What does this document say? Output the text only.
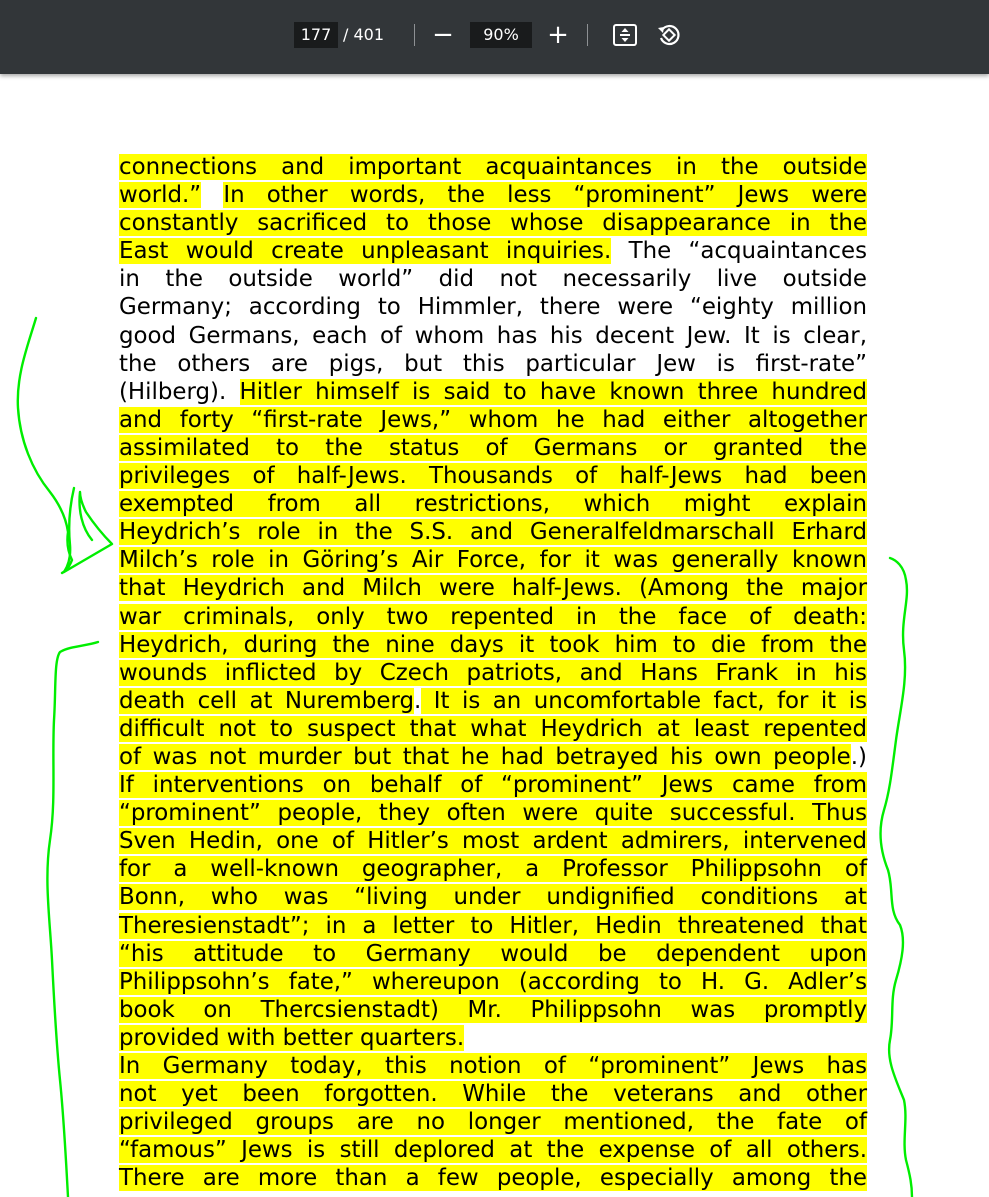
177
/ 401 −	90%	+
connections and important acquaintances in the outside
world.” In other words, the less “prominent” Jews were
constantly sacrificed to those whose disappearance in the
East would create unpleasant inquiries. The “acquaintances
in the outside world” did not necessarily live outside
Germany; according to Himmler, there were “eighty million
good Germans, each of whom has his decent Jew. It is clear,
the others are pigs, but this particular Jew is first-rate”
(Hilberg). Hitler himself is said to have known three hundred
and forty “first-rate Jews,” whom he had either altogether
assimilated to the status of Germans or granted the
privileges of half-Jews. Thousands of half-Jews had been
exempted from all restrictions, which might explain
Heydrich’s role in the S.S. and Generalfeldmarschall Erhard
Milch’s role in Göring’s Air Force, for it was generally known
that Heydrich and Milch were half-Jews. (Among the major
war criminals, only two repented in the face of death:
Heydrich, during the nine days it took him to die from the
wounds inflicted by Czech patriots, and Hans Frank in his
death cell at Nuremberg. It is an uncomfortable fact, for it is
difficult not to suspect that what Heydrich at least repented
of was not murder but that he had betrayed his own people.)
If interventions on behalf of “prominent” Jews came from
“prominent” people, they often were quite successful. Thus
Sven Hedin, one of Hitler’s most ardent admirers, intervened
for a well-known geographer, a Professor Philippsohn of
Bonn, who was “living under undignified conditions at
Theresienstadt”; in a letter to Hitler, Hedin threatened that
“his attitude to Germany would be dependent upon
Philippsohn’s fate,” whereupon (according to H. G. Adler’s
book on Thercsienstadt) Mr. Philippsohn was promptly
provided with better quarters.
In Germany today, this notion of “prominent” Jews has
not yet been forgotten. While the veterans and other
privileged groups are no longer mentioned, the fate of
“famous” Jews is still deplored at the expense of all others.
There are more than a few people, especially among the
